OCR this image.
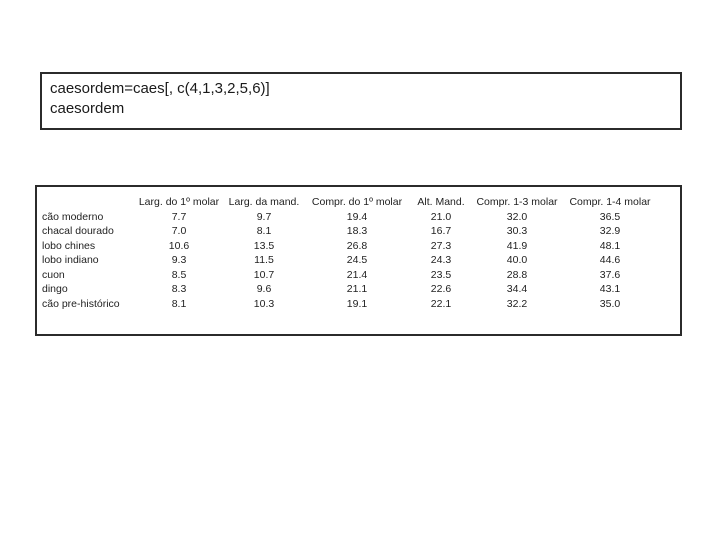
caesordem=caes[, c(4,1,3,2,5,6)]
caesordem
cão moderno
chacal dourado
lobo chines
lobo indiano
cuon
dingo
cão pre-histórico
Larg. do 1º molar
7.7
7.0
10.6
9.3
8.5
8.3
8.1
Larg. da mand.
9.7
8.1
13.5
11.5
10.7
9.6
10.3
Compr. do 1º molar
19.4
18.3
26.8
24.5
21.4
21.1
19.1
Alt. Mand.
21.0
16.7
27.3
24.3
23.5
22.6
22.1
Compr. 1-3 molar
32.0
30.3
41.9
40.0
28.8
34.4
32.2
Compr. 1-4 molar
36.5
32.9
48.1
44.6
37.6
43.1
35.0
